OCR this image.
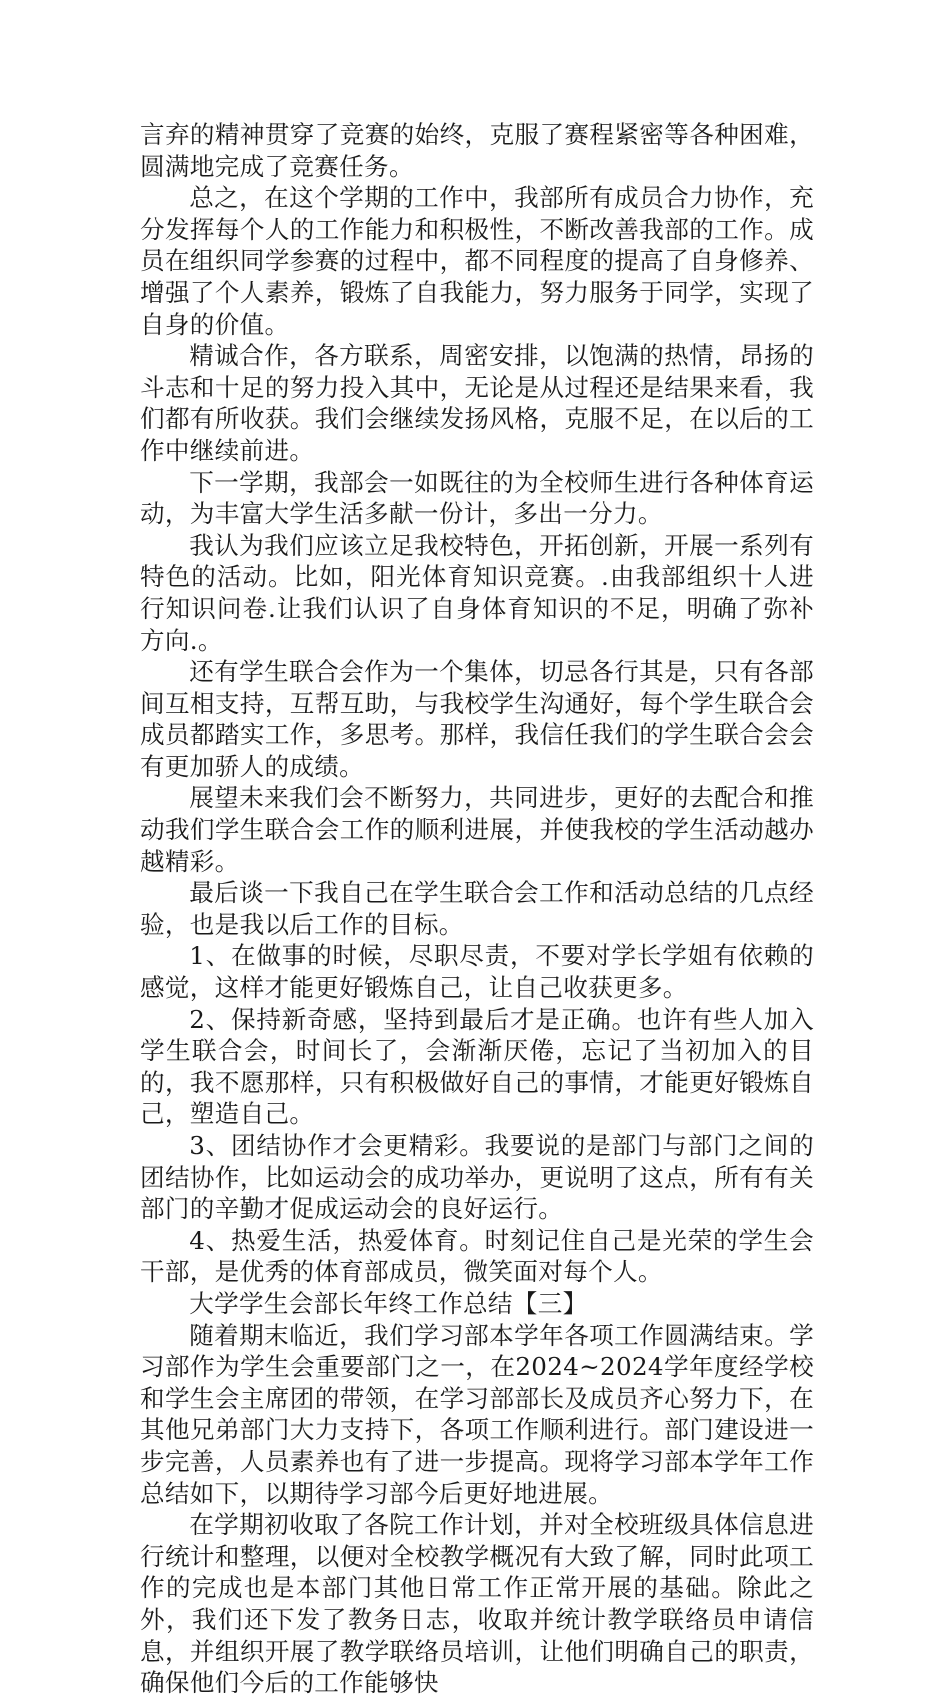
言弃的精神贯穿了竞赛的始终，克服了赛程紧密等各种困难，圆满地完成了竞赛任务。

总之，在这个学期的工作中，我部所有成员合力协作，充分发挥每个人的工作能力和积极性，不断改善我部的工作。成员在组织同学参赛的过程中，都不同程度的提高了自身修养、增强了个人素养，锻炼了自我能力，努力服务于同学，实现了自身的价值。

精诚合作，各方联系，周密安排，以饱满的热情，昂扬的斗志和十足的努力投入其中，无论是从过程还是结果来看，我们都有所收获。我们会继续发扬风格，克服不足，在以后的工作中继续前进。

下一学期，我部会一如既往的为全校师生进行各种体育运动，为丰富大学生活多献一份计，多出一分力。

我认为我们应该立足我校特色，开拓创新，开展一系列有特色的活动。比如，阳光体育知识竞赛。.由我部组织十人进行知识问卷.让我们认识了自身体育知识的不足，明确了弥补方向.。

还有学生联合会作为一个集体，切忌各行其是，只有各部间互相支持，互帮互助，与我校学生沟通好，每个学生联合会成员都踏实工作，多思考。那样，我信任我们的学生联合会会有更加骄人的成绩。

展望未来我们会不断努力，共同进步，更好的去配合和推动我们学生联合会工作的顺利进展，并使我校的学生活动越办越精彩。

最后谈一下我自己在学生联合会工作和活动总结的几点经验，也是我以后工作的目标。

1、在做事的时候，尽职尽责，不要对学长学姐有依赖的感觉，这样才能更好锻炼自己，让自己收获更多。

2、保持新奇感，坚持到最后才是正确。也许有些人加入学生联合会，时间长了，会渐渐厌倦，忘记了当初加入的目的，我不愿那样，只有积极做好自己的事情，才能更好锻炼自己，塑造自己。

3、团结协作才会更精彩。我要说的是部门与部门之间的团结协作，比如运动会的成功举办，更说明了这点，所有有关部门的辛勤才促成运动会的良好运行。

4、热爱生活，热爱体育。时刻记住自己是光荣的学生会干部，是优秀的体育部成员，微笑面对每个人。

大学学生会部长年终工作总结【三】

随着期末临近，我们学习部本学年各项工作圆满结束。学习部作为学生会重要部门之一，在2024~2024学年度经学校和学生会主席团的带领，在学习部部长及成员齐心努力下，在其他兄弟部门大力支持下，各项工作顺利进行。部门建设进一步完善，人员素养也有了进一步提高。现将学习部本学年工作总结如下，以期待学习部今后更好地进展。

在学期初收取了各院工作计划，并对全校班级具体信息进行统计和整理，以便对全校教学概况有大致了解，同时此项工作的完成也是本部门其他日常工作正常开展的基础。除此之外，我们还下发了教务日志，收取并统计教学联络员申请信息，并组织开展了教学联络员培训，让他们明确自己的职责，确保他们今后的工作能够快
